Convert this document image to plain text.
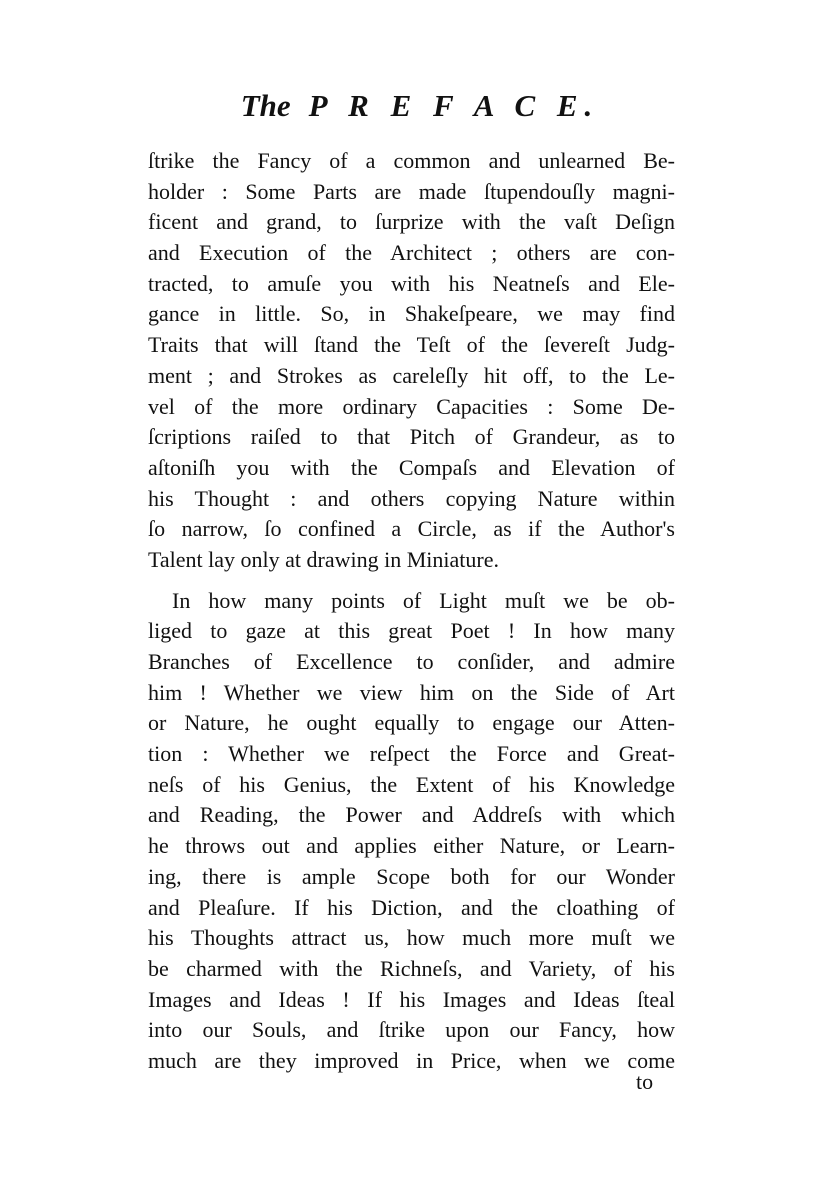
The P R E F A C E.
ſtrike the Fancy of a common and unlearned Be-
holder : Some Parts are made ſtupendouſly magni-
ficent and grand, to ſurprize with the vaſt Deſign
and Execution of the Architect ; others are con-
tracted, to amuſe you with his Neatneſs and Ele-
gance in little. So, in Shakeſpeare, we may find
Traits that will ſtand the Teſt of the ſevereſt Judg-
ment ; and Strokes as careleſly hit off, to the Le-
vel of the more ordinary Capacities : Some De-
ſcriptions raiſed to that Pitch of Grandeur, as to
aſtoniſh you with the Compaſs and Elevation of
his Thought : and others copying Nature within
ſo narrow, ſo confined a Circle, as if the Author's
Talent lay only at drawing in Miniature.
In how many points of Light muſt we be ob-
liged to gaze at this great Poet ! In how many
Branches of Excellence to conſider, and admire
him ! Whether we view him on the Side of Art
or Nature, he ought equally to engage our Atten-
tion : Whether we reſpect the Force and Great-
neſs of his Genius, the Extent of his Knowledge
and Reading, the Power and Addreſs with which
he throws out and applies either Nature, or Learn-
ing, there is ample Scope both for our Wonder
and Pleaſure. If his Diction, and the cloathing of
his Thoughts attract us, how much more muſt we
be charmed with the Richneſs, and Variety, of his
Images and Ideas ! If his Images and Ideas ſteal
into our Souls, and ſtrike upon our Fancy, how
much are they improved in Price, when we come
to
